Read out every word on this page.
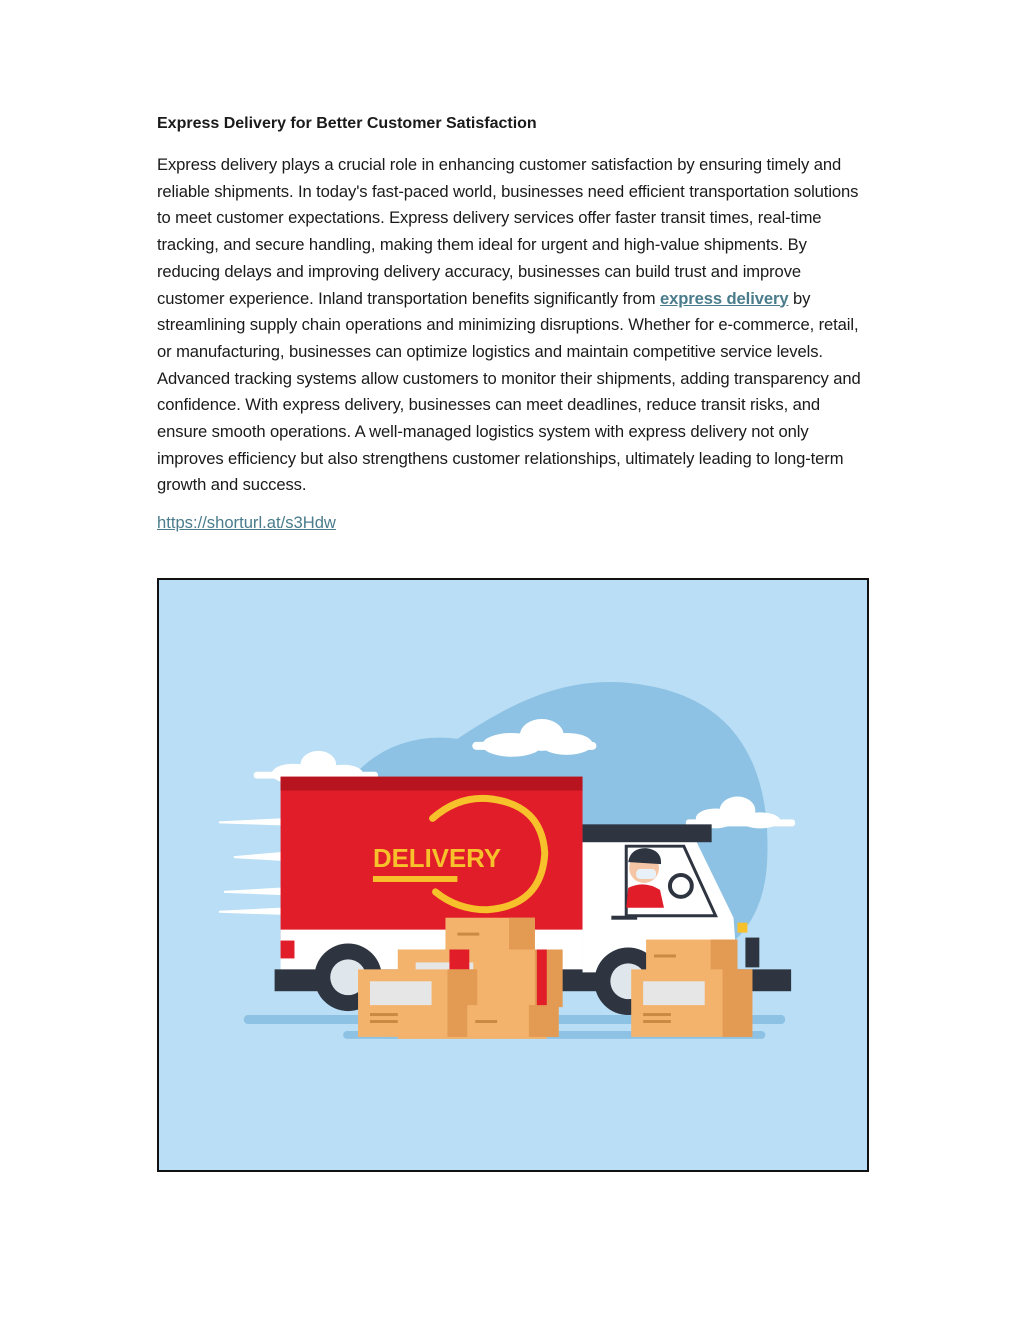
Express Delivery for Better Customer Satisfaction

Express delivery plays a crucial role in enhancing customer satisfaction by ensuring timely and reliable shipments. In today's fast-paced world, businesses need efficient transportation solutions to meet customer expectations. Express delivery services offer faster transit times, real-time tracking, and secure handling, making them ideal for urgent and high-value shipments. By reducing delays and improving delivery accuracy, businesses can build trust and improve customer experience. Inland transportation benefits significantly from express delivery by streamlining supply chain operations and minimizing disruptions. Whether for e-commerce, retail, or manufacturing, businesses can optimize logistics and maintain competitive service levels. Advanced tracking systems allow customers to monitor their shipments, adding transparency and confidence. With express delivery, businesses can meet deadlines, reduce transit risks, and ensure smooth operations. A well-managed logistics system with express delivery not only improves efficiency but also strengthens customer relationships, ultimately leading to long-term growth and success.

https://shorturl.at/s3Hdw
DELIVERY
